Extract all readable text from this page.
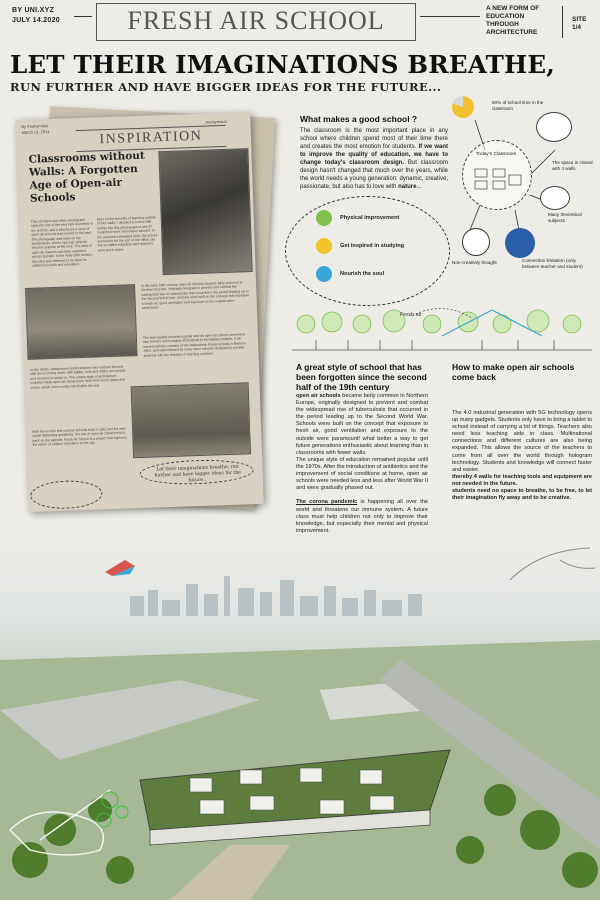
BY UNI.XYZ
JULY 14.2020	FRESH AIR SCHOOL	A NEW FORM OF
EDUCATION
THROUGH
ARCHITECTURE
SITE
1/4
LET THEIR IMAGINATIONS BREATHE,
RUN FURTHER AND HAVE BIGGER IDEAS FOR THE FUTURE...
By Anonymous
March 13, 2014
Anonymous
INSPIRATION
Classrooms without Walls: A Forgotten Age of Open-air Schools
This old black and white photograph captures one of the very rare moments in the archive, and it introduces a story of open-air schools that existed in the past. The photograph was taken in the Netherlands, where open-air schools became popular at the time. The idea of open-air classes was later extended across Europe. In the early 20th century, this idea was believed to be ideal for children's health and education.
Born on the benefits of learning outside of four walls, I decided to look a little further into this photograph to see if I could find more information about it. In the sessions presented here, the school seemed to be the sort of the office, but the so-called education and teachers were put in place.
In the early 20th century, open air schools became fairly common in Northern Europe, originally designed to prevent and combat the widespread rise of tuberculosis that occurred in the period leading up to the Second World War. Schools were built on the concept that exposure to fresh air, good ventilation and exposure to the outside were paramount.
The idea quickly became popular and an open air school movement was formed, encouraging all students to be healthy children. It all started with the creation of the Waldschule (forest school) in Berlin in 1904, and was followed by many other schools designed to provide students with the freedom of learning outdoors.
In the 1920s, classrooms could transform into outdoor lessons with doors sliding down; with tables, rods and chairs set outside and benches to study on. The unique style of architecture included these open-air classrooms, built from wood, glass and cotton, which were mostly rebuilt after the war.
With the world's first outdoor schools back in play and the new social distancing guidelines, the use of open-air classrooms is back on the agenda; Fresh Air School is a project that explores the return of outdoor education to the city.
Let their imaginations breathe, run further and have bigger ideas for the future...
What makes a good school ?
The classroom is the most important place in any school where children spend most of their time there and creates the most emotion for students. If we want to improve the quality of education, we have to change today's classroom design. But classroom design hasn't changed that much over the years, while the world needs a young generation: dynamic, creative, passionate, but also has to love with nature...
Physical improvement
Get inspired in studying
Nourish the soul
80% of school time in the classroom
Today's Classroom
The space is closed with 4 walls
Many theoretical subjects
Non-creativity thought	Connection limitation (only between teacher and student)
Fresh air
A great style of school that has been forgotten since the second half of the 19th century
open air schools became fairly common in Northern Europe, originally designed to prevent and combat the widespread rise of tuberculosis that occurred in the period leading up to the Second World War. Schools were built on the concept that exposure to fresh air, good ventilation and exposure to the outside were paramount! what better a way to get future generations enthusiastic about learning than in classrooms with fewer walls.
The unique style of education remained popular until the 1970s. After the introduction of antibiotics and the improvement of social conditions at home, open air schools were needed less and less after World War II and were gradually phased out.

The corona pandemic is happening all over the world and threatens our immune system. A future class must help children not only to improve their knowledge, but especially their mental and physical improvement.
How to make open air schools come back
The 4.0 industrial generation with 5G technology opens up many gadgets. Students only have to bring a tablet to school instead of carrying a lot of things. Teachers also need less teaching aids in class. Multinational connections and different cultures are also being expanded. This allows the source of the teachers to come from all over the world through hologram technology. Students and knowledge will connect faster and easier.
thereby 4 walls for teaching tools and equipment are not needed in the future.
students need no space to breathe, to be free, to let their imagination fly away and to be creative.
